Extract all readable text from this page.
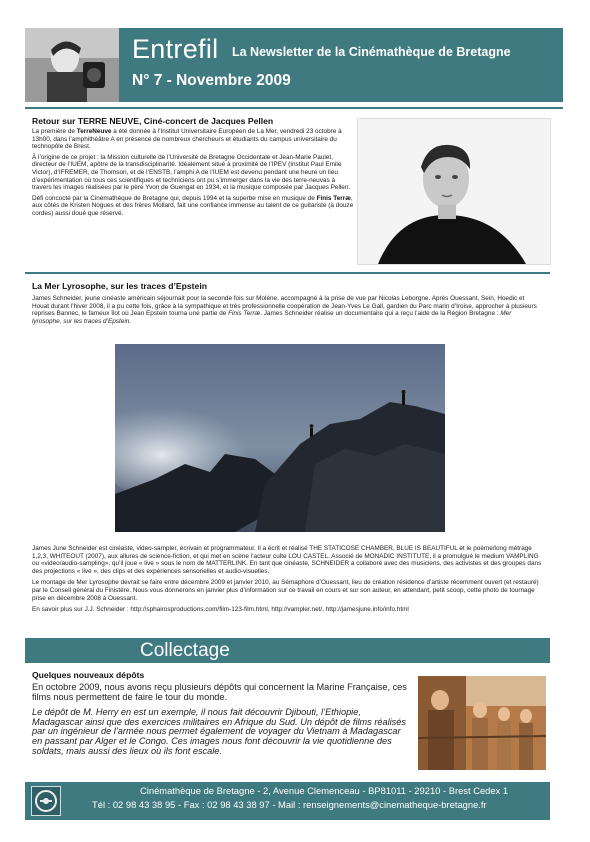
Entrefil La Newsletter de la Cinémathèque de Bretagne
N° 7 - Novembre 2009
Retour sur TERRE NEUVE, Ciné-concert de Jacques Pellen

La première de TerreNeuve a été donnée à l’Institut Universitaire Européen de La Mer, vendredi 23 octobre à 13h00, dans l’amphithéâtre A en présence de nombreux chercheurs et étudiants du campus universitaire du technopôle de Brest.

À l’origine de ce projet : la Mission culturelle de l’Université de Bretagne Occidentale et Jean-Marie Paulet, directeur de l’IUEM, apôtre de la transdisciplinarité. Idéalement situé à proximité de l’IPEV (Institut Paul Emile Victor), d’IFREMER, de Thomson, et de l’ENSTB, l’amphi A de l’IUEM est devenu pendant une heure un lieu d’expérimentation où tous ces scientifiques et techniciens ont pu s’immerger dans la vie des terre-neuvas à travers les images réalisées par le père Yvon de Guengat en 1934, et la musique composée par Jacques Pellen.

Défi concocté par la Cinémathèque de Bretagne qui, depuis 1994 et la superbe mise en musique de Finis Terræ, aux côtés de Kristen Nogues et des frères Mollard, fait une confiance immense au talent de ce guitariste (à douze cordes) aussi doué que réservé.

La Mer Lyrosophe, sur les traces d’Epstein
James Schneider, jeune cinéaste américain séjournait pour la seconde fois sur Molène, accompagné à la prise de vue par Nicolas Leborgne. Après Ouessant, Sein, Hoedic et Houat durant l’hiver 2008, il a pu cette fois, grâce à la sympathique et très professionnelle coopération de Jean-Yves Le Gall, gardien du Parc marin d’Iroise, approcher à plusieurs reprises Bannec, le fameux îlot où Jean Epstein tourna une partie de Finis Terræ. James Schneider réalise un documentaire qui a reçu l’aide de la Région Bretagne : Mer lyrosophe, sur les traces d’Epstein.

James June Schneider est cinéaste, video-sampler, écrivain et programmateur. Il a écrit et réalisé THE STATICOSE CHAMBER, BLUE IS BEAUTIFUL et le poème/long métrage 1,2,3, WHITEOUT (2007), aux allures de science-fiction, et qui met en scène l’acteur culte LOU CASTEL. Associé de MONADIC INSTITUTE, il a promulgué le medium VAMPLING ou «video/audio-sampling», qu’il joue « live » sous le nom de MATTERLINK. En tant que cinéaste, SCHNEIDER a collaboré avec des musiciens, des activistes et des groupes dans des projections « live », des clips et des expériences sensorielles et audio-visuelles.

Le montage de Mer Lyrosophe devrait se faire entre décembre 2009 et janvier 2010, au Sémaphore d’Ouessant, lieu de création résidence d’artiste récemment ouvert (et restauré) par le Conseil général du Finistère. Nous vous donnerons en janvier plus d’information sur ce travail en cours et sur son auteur, en attendant, petit scoop, cette photo de tournage prise en décembre 2008 à Ouessant.

En savoir plus sur J.J. Schneider : http://sphairosproductions.com/film-123-film.html, http://vampler.net/, http://jamesjune.info/info.html

Collectage
Quelques nouveaux dépôts

En octobre 2009, nous avons reçu plusieurs dépôts qui concernent la Marine Française, ces films nous permettent de faire le tour du monde.

Le dépôt de M. Herry en est un exemple, il nous fait découvrir Djibouti, l’Ethiopie, Madagascar ainsi que des exercices militaires en Afrique du Sud. Un dépôt de films réalisés par un ingénieur de l’armée nous permet également de voyager du Vietnam à Madagascar en passant par Alger et le Congo. Ces images nous font découvrir la vie quotidienne des soldats, mais aussi des lieux où ils font escale.

Cinémathèque de Bretagne - 2, Avenue Clemenceau - BP81011 - 29210 - Brest Cedex 1
Tél : 02 98 43 38 95 - Fax : 02 98 43 38 97 - Mail : renseignements@cinematheque-bretagne.fr
